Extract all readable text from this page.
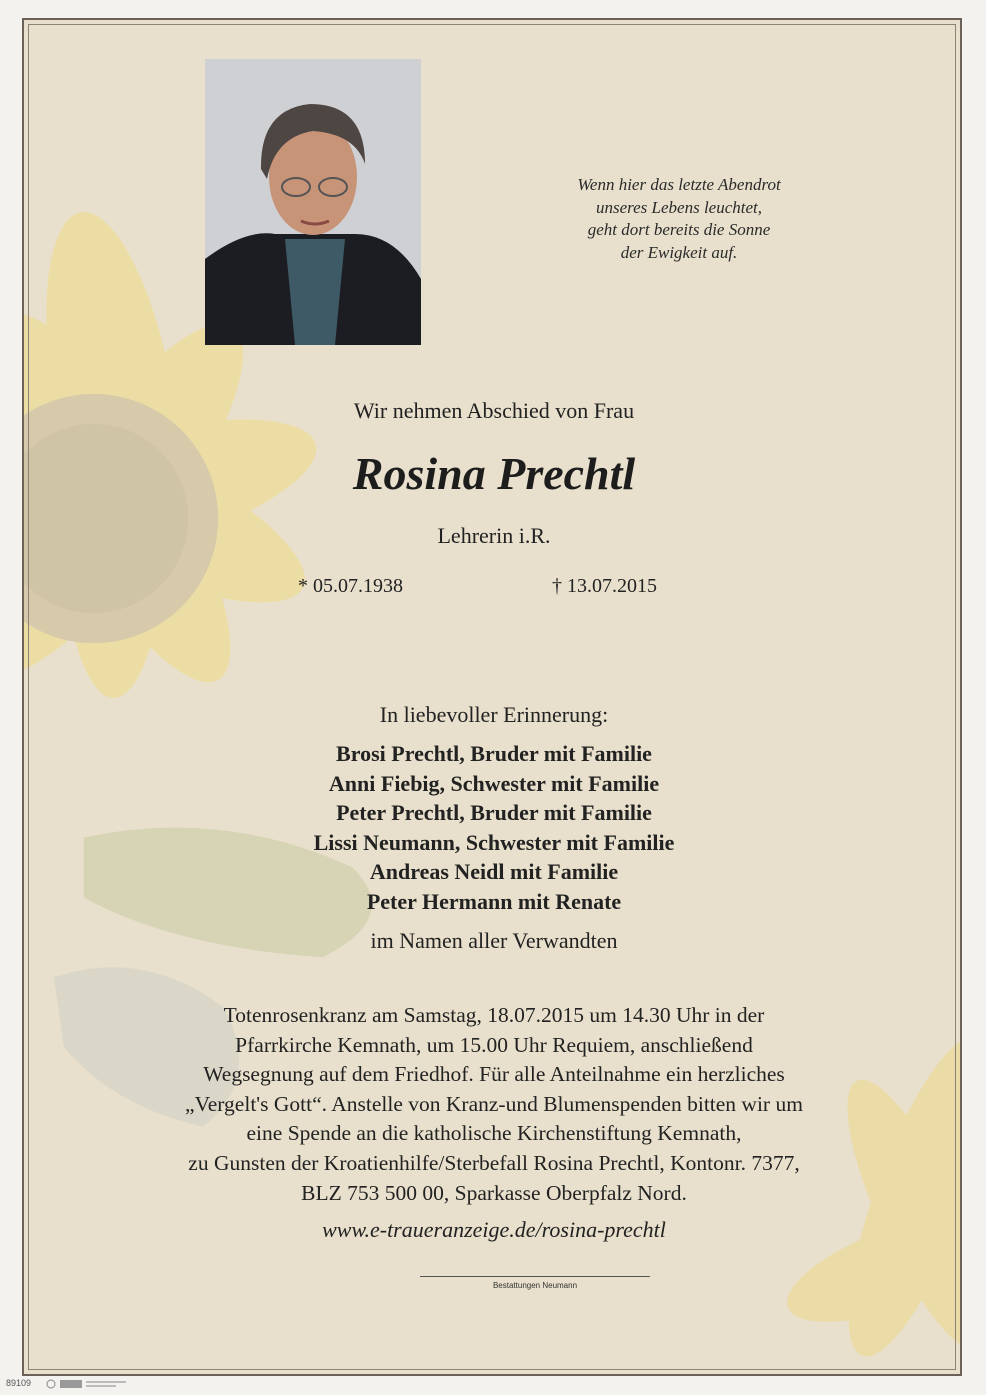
Wenn hier das letzte Abendrot
unseres Lebens leuchtet,
geht dort bereits die Sonne
der Ewigkeit auf.
Wir nehmen Abschied von Frau
Rosina Prechtl
Lehrerin i.R.
* 05.07.1938	† 13.07.2015
In liebevoller Erinnerung:
Brosi Prechtl, Bruder mit Familie
Anni Fiebig, Schwester mit Familie
Peter Prechtl, Bruder mit Familie
Lissi Neumann, Schwester mit Familie
Andreas Neidl mit Familie
Peter Hermann mit Renate
im Namen aller Verwandten
Totenrosenkranz am Samstag, 18.07.2015 um 14.30 Uhr in der
Pfarrkirche Kemnath, um 15.00 Uhr Requiem, anschließend
Wegsegnung auf dem Friedhof. Für alle Anteilnahme ein herzliches
„Vergelt's Gott“. Anstelle von Kranz-und Blumenspenden bitten wir um
eine Spende an die katholische Kirchenstiftung Kemnath,
zu Gunsten der Kroatienhilfe/Sterbefall Rosina Prechtl, Kontonr. 7377,
BLZ 753 500 00, Sparkasse Oberpfalz Nord.
www.e-traueranzeige.de/rosina-prechtl
Bestattungen Neumann
89109
